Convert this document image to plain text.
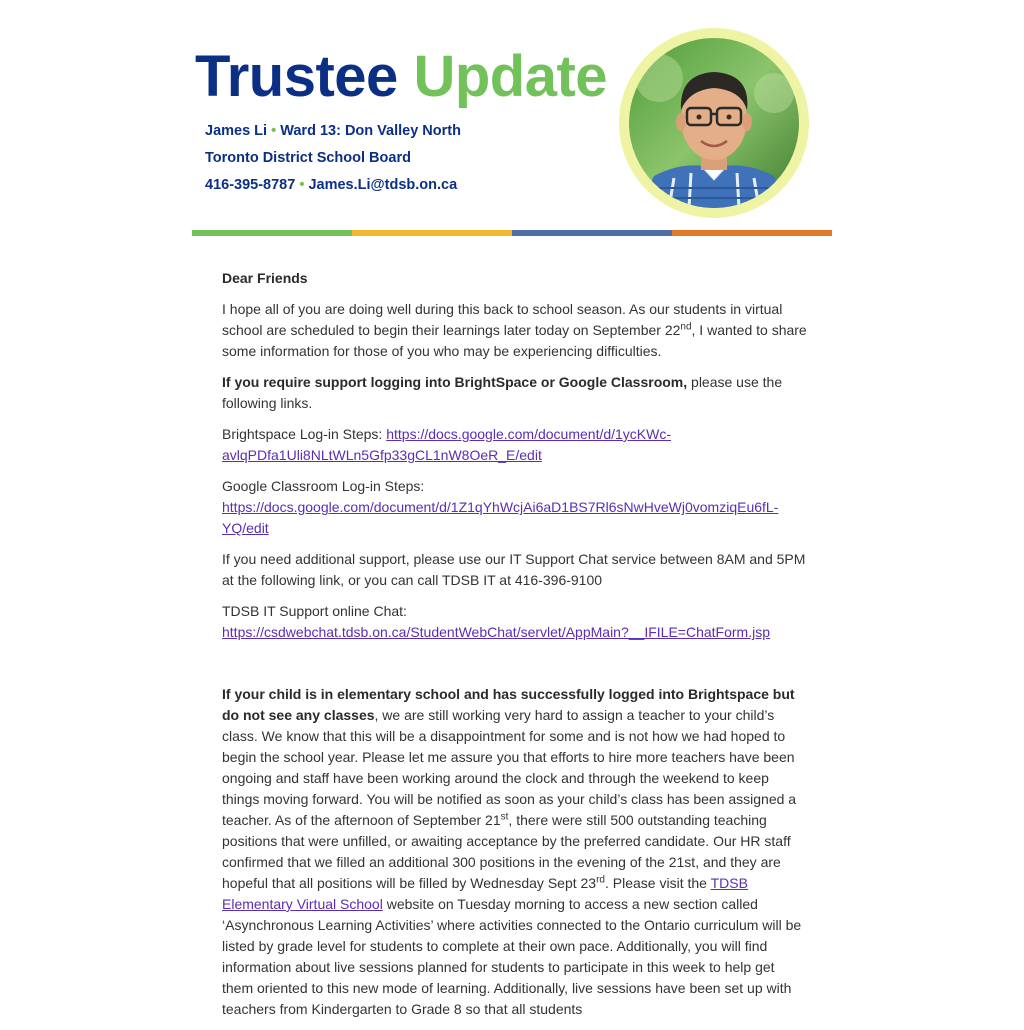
Trustee Update
James Li • Ward 13: Don Valley North
Toronto District School Board
416-395-8787 • James.Li@tdsb.on.ca

Dear Friends

I hope all of you are doing well during this back to school season. As our students in virtual school are scheduled to begin their learnings later today on September 22nd, I wanted to share some information for those of you who may be experiencing difficulties.

If you require support logging into BrightSpace or Google Classroom, please use the following links.

Brightspace Log-in Steps: https://docs.google.com/document/d/1ycKWc-avlqPDfa1Uli8NLtWLn5Gfp33gCL1nW8OeR_E/edit

Google Classroom Log-in Steps:
https://docs.google.com/document/d/1Z1qYhWcjAi6aD1BS7Rl6sNwHveWj0vomziqEu6fL-YQ/edit

If you need additional support, please use our IT Support Chat service between 8AM and 5PM at the following link, or you can call TDSB IT at 416-396-9100

TDSB IT Support online Chat:
https://csdwebchat.tdsb.on.ca/StudentWebChat/servlet/AppMain?__IFILE=ChatForm.jsp

If your child is in elementary school and has successfully logged into Brightspace but do not see any classes, we are still working very hard to assign a teacher to your child’s class. We know that this will be a disappointment for some and is not how we had hoped to begin the school year. Please let me assure you that efforts to hire more teachers have been ongoing and staff have been working around the clock and through the weekend to keep things moving forward. You will be notified as soon as your child’s class has been assigned a teacher. As of the afternoon of September 21st, there were still 500 outstanding teaching positions that were unfilled, or awaiting acceptance by the preferred candidate. Our HR staff confirmed that we filled an additional 300 positions in the evening of the 21st, and they are hopeful that all positions will be filled by Wednesday Sept 23rd. Please visit the TDSB Elementary Virtual School website on Tuesday morning to access a new section called ‘Asynchronous Learning Activities’ where activities connected to the Ontario curriculum will be listed by grade level for students to complete at their own pace. Additionally, you will find information about live sessions planned for students to participate in this week to help get them oriented to this new mode of learning. Additionally, live sessions have been set up with teachers from Kindergarten to Grade 8 so that all students
